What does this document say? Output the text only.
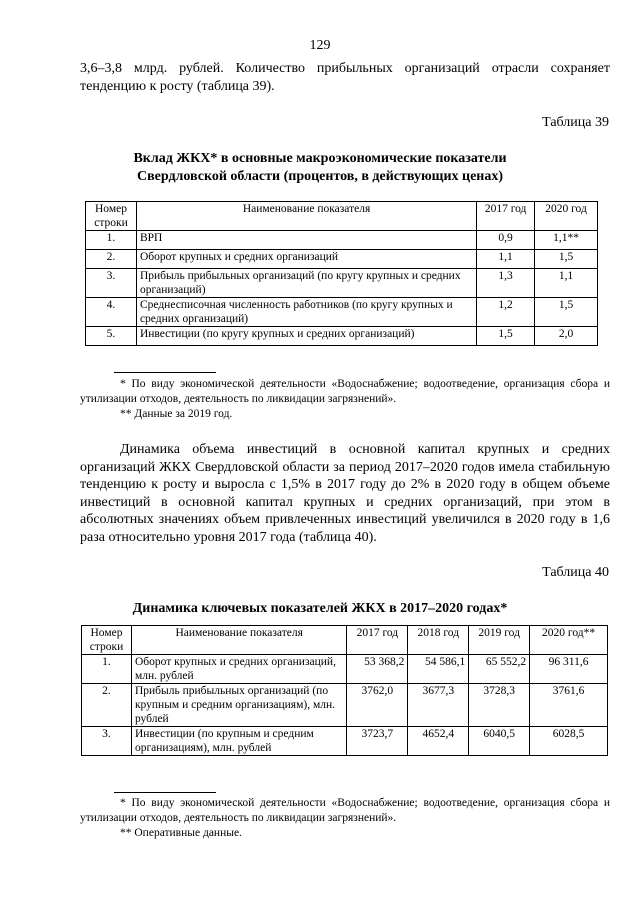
129
3,6–3,8 млрд. рублей. Количество прибыльных организаций отрасли сохраняет тенденцию к росту (таблица 39).
Таблица 39
Вклад ЖКХ* в основные макроэкономические показатели
Свердловской области (процентов, в действующих ценах)
Номер строки	Наименование показателя	2017 год	2020 год
1.	ВРП	0,9	1,1**
2.	Оборот крупных и средних организаций	1,1	1,5
3.	Прибыль прибыльных организаций (по кругу крупных и средних организаций)	1,3	1,1
4.	Среднесписочная численность работников (по кругу крупных и средних организаций)	1,2	1,5
5.	Инвестиции (по кругу крупных и средних организаций)	1,5	2,0
* По виду экономической деятельности «Водоснабжение; водоотведение, организация сбора и утилизации отходов, деятельность по ликвидации загрязнений».
** Данные за 2019 год.
Динамика объема инвестиций в основной капитал крупных и средних организаций ЖКХ Свердловской области за период 2017–2020 годов имела стабильную тенденцию к росту и выросла с 1,5% в 2017 году до 2% в 2020 году в общем объеме инвестиций в основной капитал крупных и средних организаций, при этом в абсолютных значениях объем привлеченных инвестиций увеличился в 2020 году в 1,6 раза относительно уровня 2017 года (таблица 40).
Таблица 40
Динамика ключевых показателей ЖКХ в 2017–2020 годах*
Номер строки	Наименование показателя	2017 год	2018 год	2019 год	2020 год**
1.	Оборот крупных и средних организаций, млн. рублей	53 368,2	54 586,1	65 552,2	96 311,6
2.	Прибыль прибыльных организаций (по крупным и средним организациям), млн. рублей	3762,0	3677,3	3728,3	3761,6
3.	Инвестиции (по крупным и средним организациям), млн. рублей	3723,7	4652,4	6040,5	6028,5
* По виду экономической деятельности «Водоснабжение; водоотведение, организация сбора и утилизации отходов, деятельность по ликвидации загрязнений».
** Оперативные данные.
